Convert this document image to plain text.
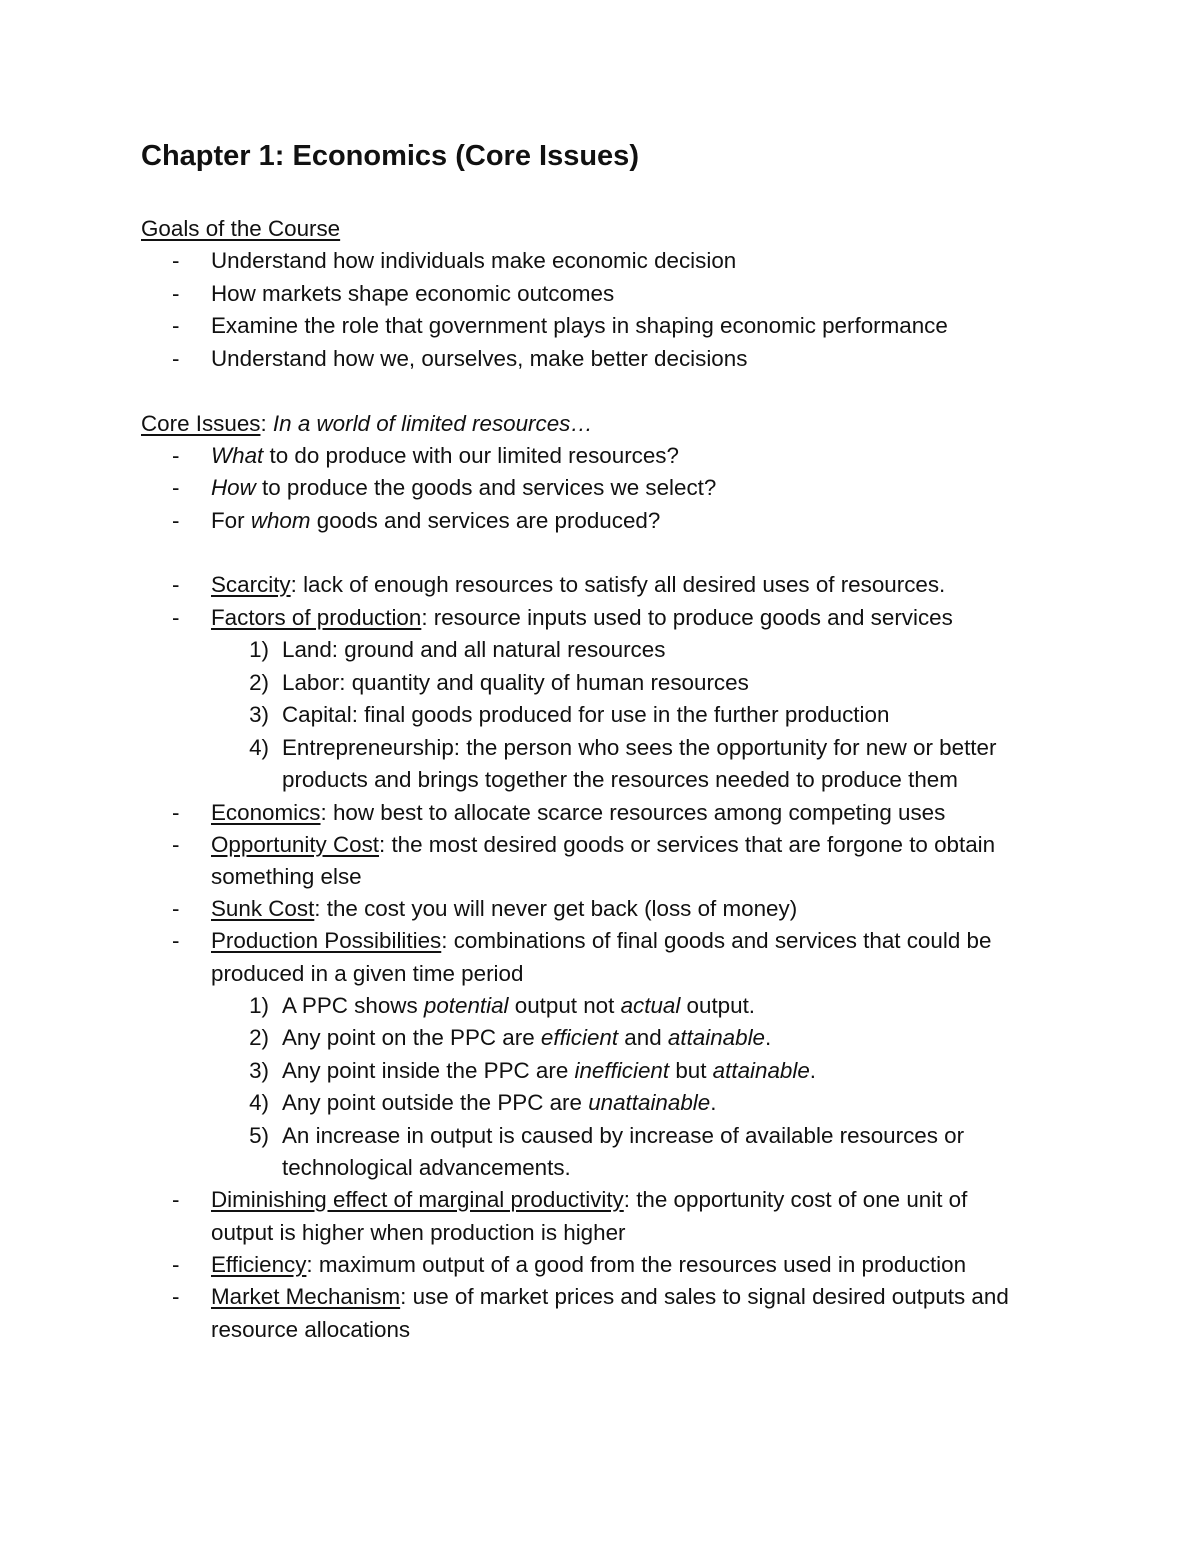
Chapter 1: Economics (Core Issues)
Goals of the Course
- Understand how individuals make economic decision
- How markets shape economic outcomes
- Examine the role that government plays in shaping economic performance
- Understand how we, ourselves, make better decisions
Core Issues: In a world of limited resources…
- What to do produce with our limited resources?
- How to produce the goods and services we select?
- For whom goods and services are produced?
- Scarcity: lack of enough resources to satisfy all desired uses of resources.
- Factors of production: resource inputs used to produce goods and services
1) Land: ground and all natural resources
2) Labor: quantity and quality of human resources
3) Capital: final goods produced for use in the further production
4) Entrepreneurship: the person who sees the opportunity for new or better
products and brings together the resources needed to produce them
- Economics: how best to allocate scarce resources among competing uses
- Opportunity Cost: the most desired goods or services that are forgone to obtain
something else
- Sunk Cost: the cost you will never get back (loss of money)
- Production Possibilities: combinations of final goods and services that could be
produced in a given time period
1) A PPC shows potential output not actual output.
2) Any point on the PPC are efficient and attainable.
3) Any point inside the PPC are inefficient but attainable.
4) Any point outside the PPC are unattainable.
5) An increase in output is caused by increase of available resources or
technological advancements.
- Diminishing effect of marginal productivity: the opportunity cost of one unit of
output is higher when production is higher
- Efficiency: maximum output of a good from the resources used in production
- Market Mechanism: use of market prices and sales to signal desired outputs and
resource allocations
